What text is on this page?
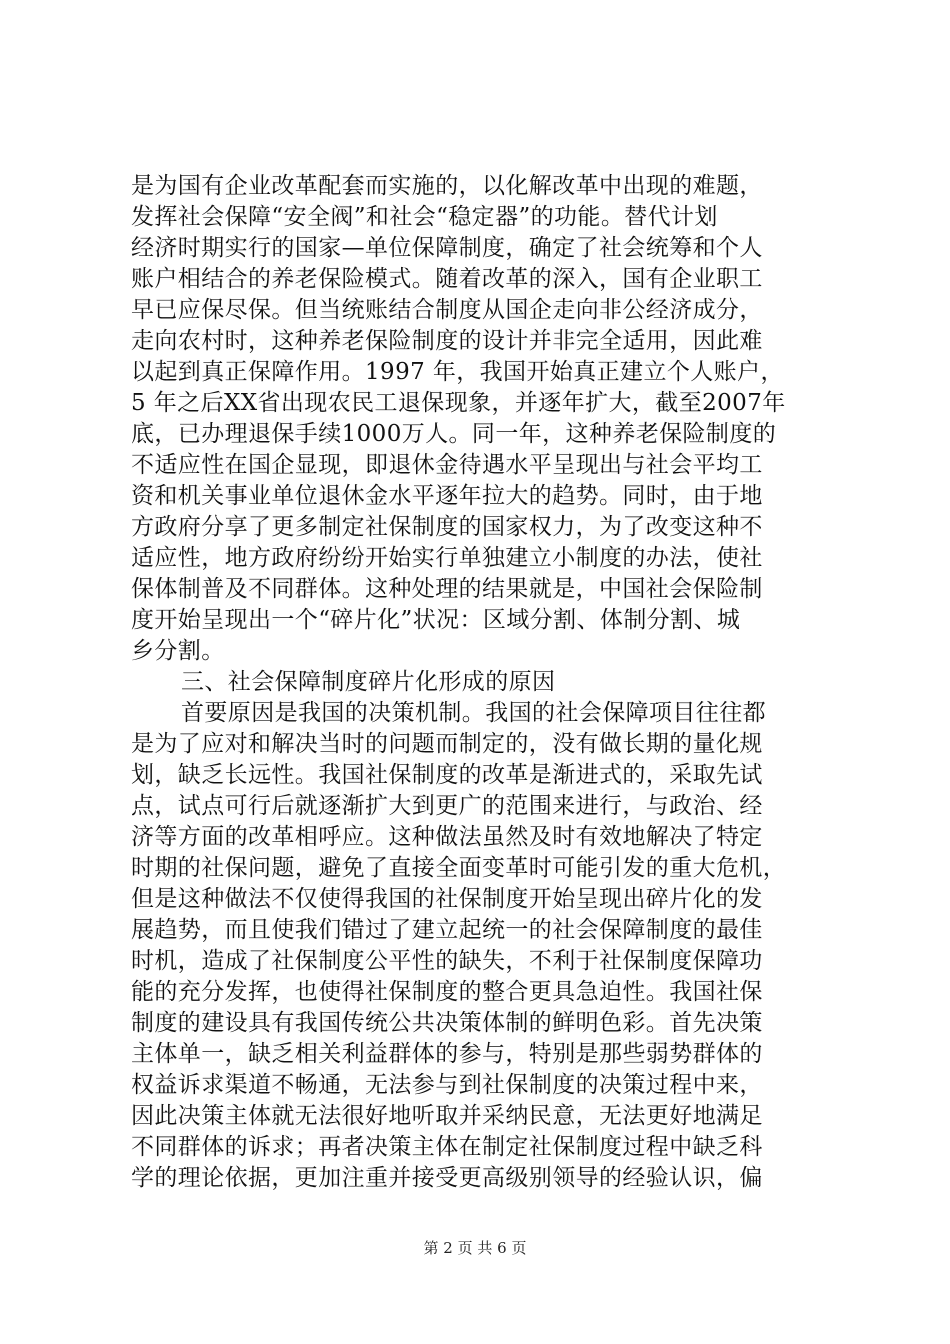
是为国有企业改革配套而实施的，以化解改革中出现的难题，
发挥社会保障“安全阀”和社会“稳定器”的功能。替代计划
经济时期实行的国家—单位保障制度，确定了社会统筹和个人
账户相结合的养老保险模式。随着改革的深入，国有企业职工
早已应保尽保。但当统账结合制度从国企走向非公经济成分，
走向农村时，这种养老保险制度的设计并非完全适用，因此难
以起到真正保障作用。1997 年，我国开始真正建立个人账户，
5 年之后XX省出现农民工退保现象，并逐年扩大，截至2007年
底，已办理退保手续1000万人。同一年，这种养老保险制度的
不适应性在国企显现，即退休金待遇水平呈现出与社会平均工
资和机关事业单位退休金水平逐年拉大的趋势。同时，由于地
方政府分享了更多制定社保制度的国家权力，为了改变这种不
适应性，地方政府纷纷开始实行单独建立小制度的办法，使社
保体制普及不同群体。这种处理的结果就是，中国社会保险制
度开始呈现出一个“碎片化”状况：区域分割、体制分割、城
乡分割。
三、社会保障制度碎片化形成的原因
首要原因是我国的决策机制。我国的社会保障项目往往都
是为了应对和解决当时的问题而制定的，没有做长期的量化规
划，缺乏长远性。我国社保制度的改革是渐进式的，采取先试
点，试点可行后就逐渐扩大到更广的范围来进行，与政治、经
济等方面的改革相呼应。这种做法虽然及时有效地解决了特定
时期的社保问题，避免了直接全面变革时可能引发的重大危机，
但是这种做法不仅使得我国的社保制度开始呈现出碎片化的发
展趋势，而且使我们错过了建立起统一的社会保障制度的最佳
时机，造成了社保制度公平性的缺失，不利于社保制度保障功
能的充分发挥，也使得社保制度的整合更具急迫性。我国社保
制度的建设具有我国传统公共决策体制的鲜明色彩。首先决策
主体单一，缺乏相关利益群体的参与，特别是那些弱势群体的
权益诉求渠道不畅通，无法参与到社保制度的决策过程中来，
因此决策主体就无法很好地听取并采纳民意，无法更好地满足
不同群体的诉求；再者决策主体在制定社保制度过程中缺乏科
学的理论依据，更加注重并接受更高级别领导的经验认识，偏
第 2 页 共 6 页
